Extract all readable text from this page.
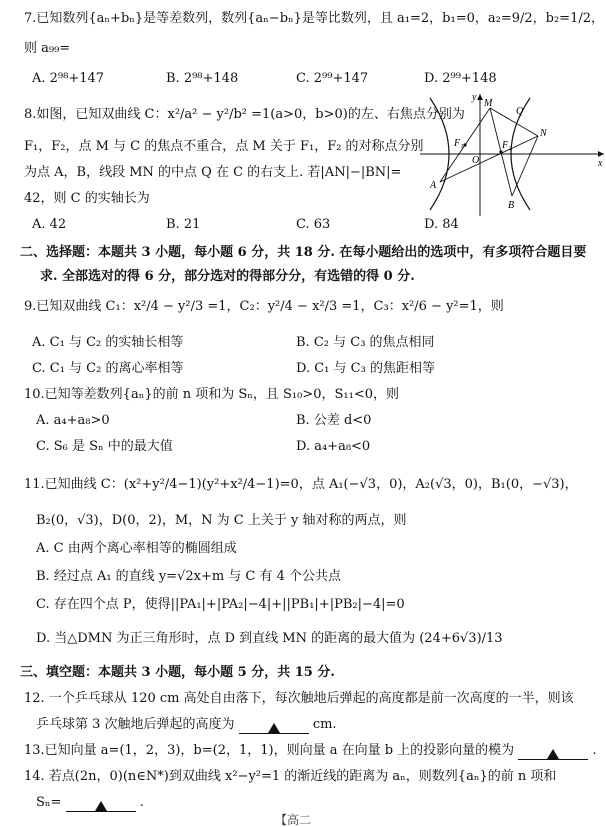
7.已知数列{aₙ+bₙ}是等差数列，数列{aₙ−bₙ}是等比数列，且 a₁=2，b₁=0，a₂=9/2，b₂=1/2，
则 a₉₉=
A. 2⁹⁸+147	B. 2⁹⁸+148	C. 2⁹⁹+147	D. 2⁹⁹+148
8.如图，已知双曲线 C：x²/a² − y²/b² =1(a>0，b>0)的左、右焦点分别为
F₁，F₂，点 M 与 C 的焦点不重合，点 M 关于 F₁，F₂ 的对称点分别
为点 A，B，线段 MN 的中点 Q 在 C 的右支上. 若|AN|−|BN|=
42，则 C 的实轴长为
A. 42	B. 21	C. 63	D. 84
y
x
M
Q
N
F₁
O
F₂
A
B
二、选择题：本题共 3 小题，每小题 6 分，共 18 分. 在每小题给出的选项中，有多项符合题目要
求. 全部选对的得 6 分，部分选对的得部分分，有选错的得 0 分.
9.已知双曲线 C₁：x²/4 − y²/3 =1，C₂：y²/4 − x²/3 =1，C₃：x²/6 − y²=1，则
A. C₁ 与 C₂ 的实轴长相等	B. C₂ 与 C₃ 的焦点相同
C. C₁ 与 C₂ 的离心率相等	D. C₁ 与 C₃ 的焦距相等
10.已知等差数列{aₙ}的前 n 项和为 Sₙ，且 S₁₀>0，S₁₁<0，则
A. a₄+a₈>0	B. 公差 d<0
C. S₆ 是 Sₙ 中的最大值	D. a₄+a₈<0
11.已知曲线 C：(x²+y²/4−1)(y²+x²/4−1)=0，点 A₁(−√3，0)，A₂(√3，0)，B₁(0，−√3)，
B₂(0，√3)，D(0，2)，M，N 为 C 上关于 y 轴对称的两点，则
A. C 由两个离心率相等的椭圆组成
B. 经过点 A₁ 的直线 y=√2x+m 与 C 有 4 个公共点
C. 存在四个点 P，使得||PA₁|+|PA₂|−4|+||PB₁|+|PB₂|−4|=0
D. 当△DMN 为正三角形时，点 D 到直线 MN 的距离的最大值为 (24+6√3)/13
三、填空题：本题共 3 小题，每小题 5 分，共 15 分.
12. 一个乒乓球从 120 cm 高处自由落下，每次触地后弹起的高度都是前一次高度的一半，则该
乒乓球第 3 次触地后弹起的高度为	cm.
13.已知向量 a=(1，2，3)，b=(2，1，1)，则向量 a 在向量 b 上的投影向量的模为	.
14. 若点(2n，0)(n∈N*)到双曲线 x²−y²=1 的渐近线的距离为 aₙ，则数列{aₙ}的前 n 项和
Sₙ=	.
【高二
